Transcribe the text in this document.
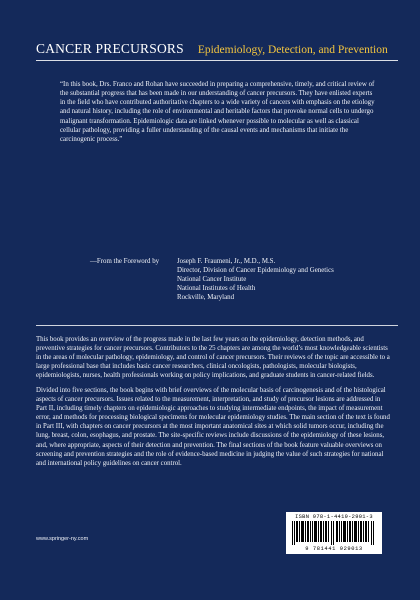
CANCER PRECURSORS Epidemiology, Detection, and Prevention
“In this book, Drs. Franco and Rohan have succeeded in preparing a comprehensive, timely, and critical review of the substantial progress that has been made in our understanding of cancer precursors. They have enlisted experts in the field who have contributed authoritative chapters to a wide variety of cancers with emphasis on the etiology and natural history, including the role of environmental and heritable factors that provoke normal cells to undergo malignant transformation. Epidemiologic data are linked whenever possible to molecular as well as classical cellular pathology, providing a fuller understanding of the causal events and mechanisms that initiate the carcinogenic process.”
—From the Foreword by	Joseph F. Fraumeni, Jr., M.D., M.S.
Director, Division of Cancer Epidemiology and Genetics
National Cancer Institute
National Institutes of Health
Rockville, Maryland

This book provides an overview of the progress made in the last few years on the epidemiology, detection methods, and preventive strategies for cancer precursors. Contributors to the 25 chapters are among the world’s most knowledgeable scientists in the areas of molecular pathology, epidemiology, and control of cancer precursors. Their reviews of the topic are accessible to a large professional base that includes basic cancer researchers, clinical oncologists, pathologists, molecular biologists, epidemiologists, nurses, health professionals working on policy implications, and graduate students in cancer-related fields.

Divided into five sections, the book begins with brief overviews of the molecular basis of carcinogenesis and of the histological aspects of cancer precursors. Issues related to the measurement, interpretation, and study of precursor lesions are addressed in Part II, including timely chapters on epidemiologic approaches to studying intermediate endpoints, the impact of measurement error, and methods for processing biological specimens for molecular epidemiology studies. The main section of the text is found in Part III, with chapters on cancer precursors at the most important anatomical sites at which solid tumors occur, including the lung, breast, colon, esophagus, and prostate. The site-specific reviews include discussions of the epidemiology of these lesions, and, where appropriate, aspects of their detection and prevention. The final sections of the book feature valuable overviews on screening and prevention strategies and the role of evidence-based medicine in judging the value of such strategies for national and international policy guidelines on cancer control.

www.springer-ny.com
ISBN 978-1-4419-2901-3
9 781441 929013
